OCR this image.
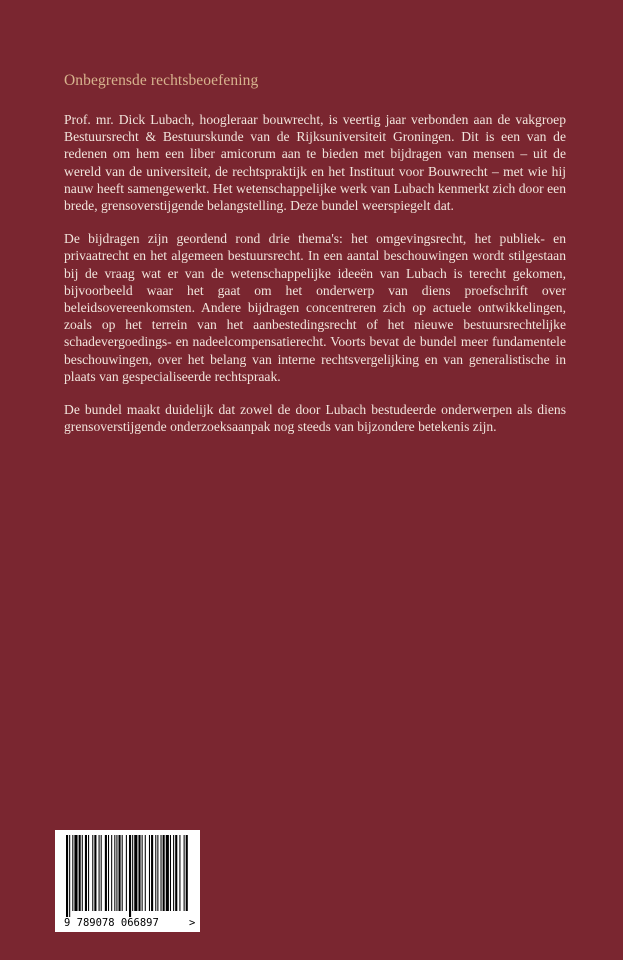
Onbegrensde rechtsbeoefening

Prof. mr. Dick Lubach, hoogleraar bouwrecht, is veertig jaar verbonden aan de vakgroep Bestuursrecht & Bestuurskunde van de Rijksuniversiteit Groningen. Dit is een van de redenen om hem een liber amicorum aan te bieden met bijdragen van mensen – uit de wereld van de universiteit, de rechtspraktijk en het Instituut voor Bouwrecht – met wie hij nauw heeft samengewerkt. Het wetenschappelijke werk van Lubach kenmerkt zich door een brede, grensoverstijgende belangstelling. Deze bundel weerspiegelt dat.

De bijdragen zijn geordend rond drie thema's: het omgevingsrecht, het publiek- en privaatrecht en het algemeen bestuursrecht. In een aantal beschouwingen wordt stilgestaan bij de vraag wat er van de wetenschappelijke ideeën van Lubach is terecht gekomen, bijvoorbeeld waar het gaat om het onderwerp van diens proefschrift over beleidsovereenkomsten. Andere bijdragen concentreren zich op actuele ontwikkelingen, zoals op het terrein van het aanbestedingsrecht of het nieuwe bestuursrechtelijke schadevergoedings- en nadeelcompensatierecht. Voorts bevat de bundel meer fundamentele beschouwingen, over het belang van interne rechtsvergelijking en van generalistische in plaats van gespecialiseerde rechtspraak.

De bundel maakt duidelijk dat zowel de door Lubach bestudeerde onderwerpen als diens grensoverstijgende onderzoeksaanpak nog steeds van bijzondere betekenis zijn.

9 789078 066897	>
